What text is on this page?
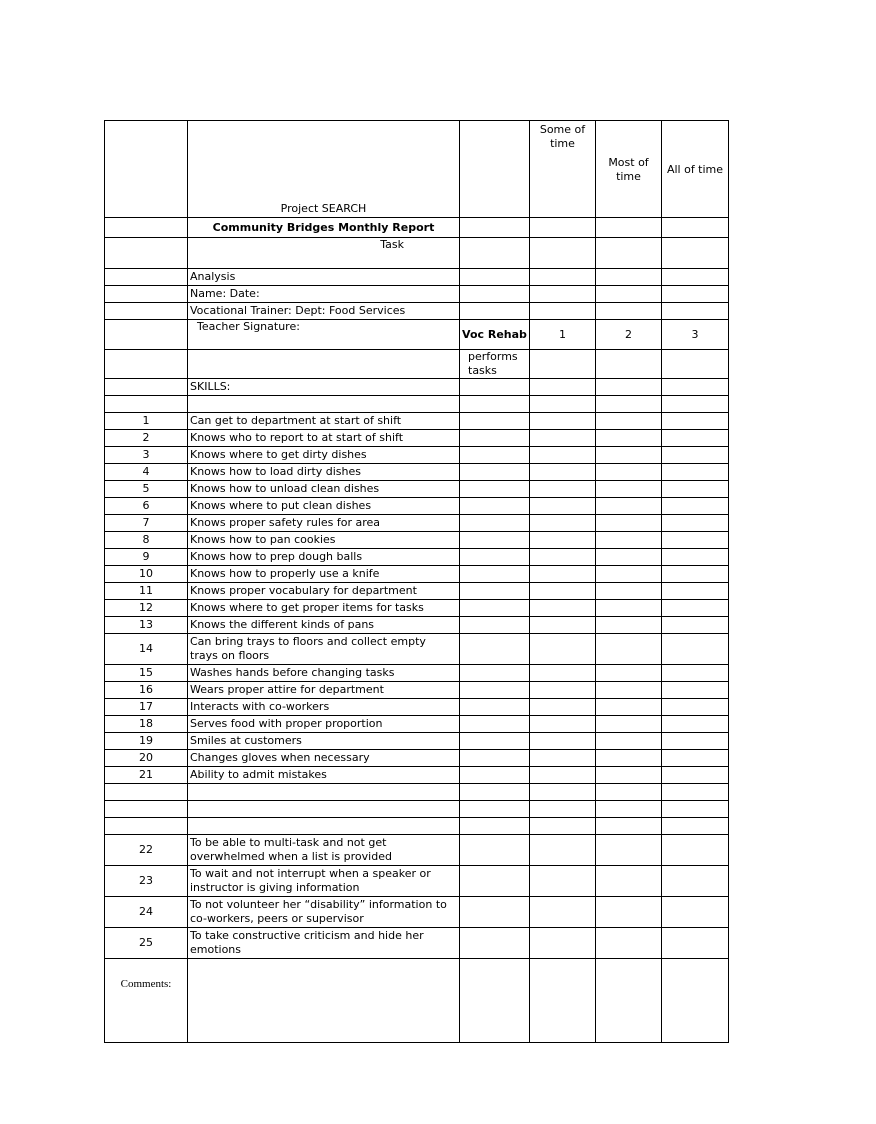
	Project SEARCH		Some of time	Most of time	All of time
	Community Bridges Monthly Report				
	Task				
	Analysis				
	Name: Date:				
	Vocational Trainer: Dept: Food Services				
	Teacher Signature:	Voc Rehab	1	2	3
		performs tasks			
	SKILLS:				

1	Can get to department at start of shift				
2	Knows who to report to at start of shift				
3	Knows where to get dirty dishes				
4	Knows how to load dirty dishes				
5	Knows how to unload clean dishes				
6	Knows where to put clean dishes				
7	Knows proper safety rules for area				
8	Knows how to pan cookies				
9	Knows how to prep dough balls				
10	Knows how to properly use a knife				
11	Knows proper vocabulary for department				
12	Knows where to get proper items for tasks				
13	Knows the different kinds of pans				
14	Can bring trays to floors and collect empty trays on floors				
15	Washes hands before changing tasks				
16	Wears proper attire for department				
17	Interacts with co-workers				
18	Serves food with proper proportion				
19	Smiles at customers				
20	Changes gloves when necessary				
21	Ability to admit mistakes				

22	To be able to multi-task and not get overwhelmed when a list is provided				
23	To wait and not interrupt when a speaker or instructor is giving information				
24	To not volunteer her “disability” information to co-workers, peers or supervisor				
25	To take constructive criticism and hide her emotions				
Comments:					
